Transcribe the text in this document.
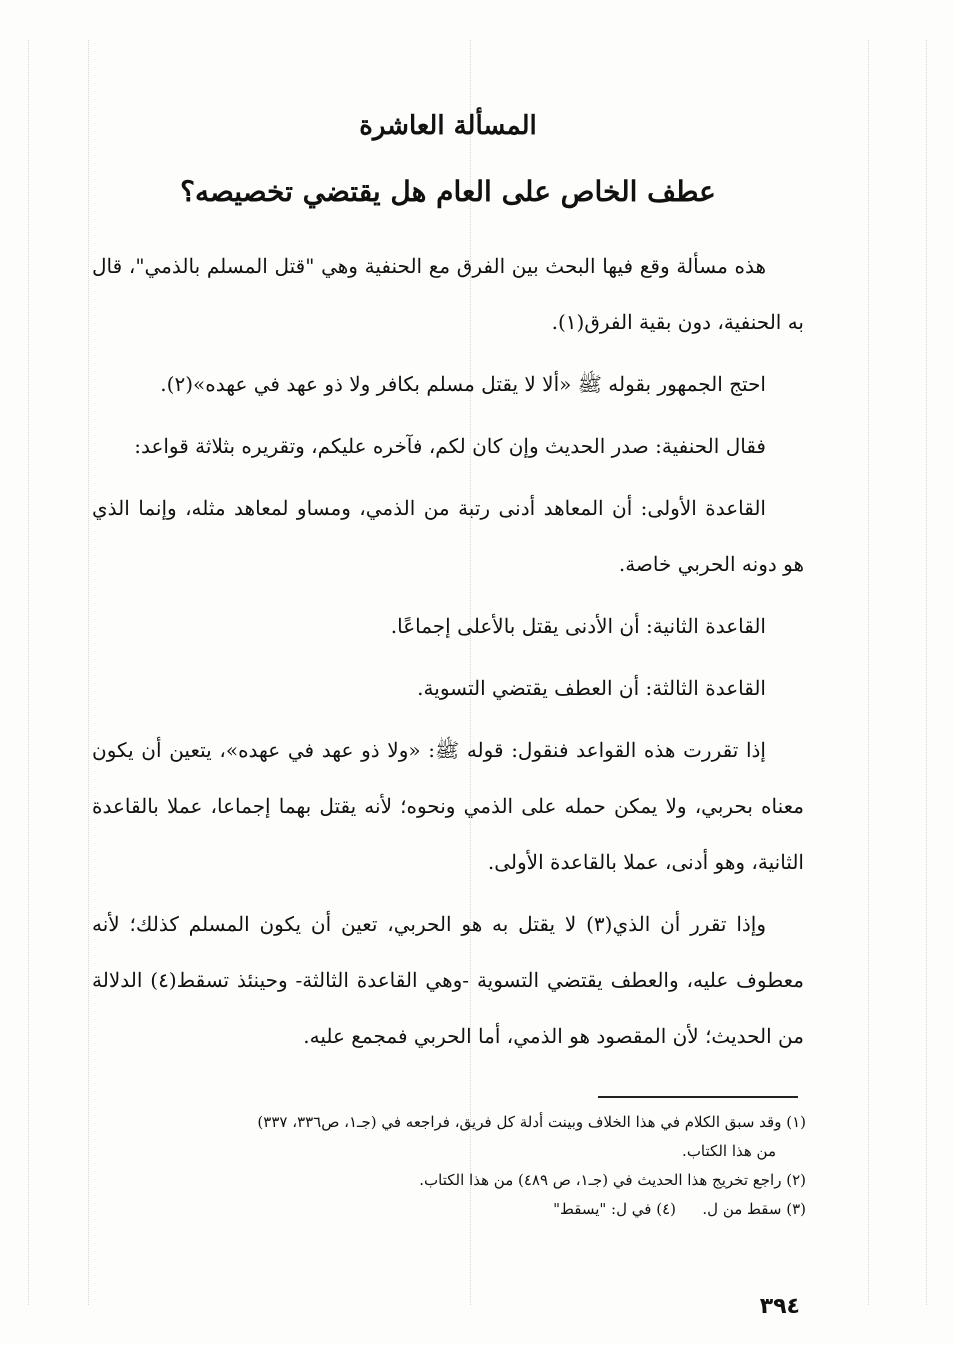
المسألة العاشرة
عطف الخاص على العام هل يقتضي تخصيصه؟

هذه مسألة وقع فيها البحث بين الفرق مع الحنفية وهي "قتل المسلم بالذمي"، قال به الحنفية، دون بقية الفرق(١).

احتج الجمهور بقوله ﷺ «ألا لا يقتل مسلم بكافر ولا ذو عهد في عهده»(٢).

فقال الحنفية: صدر الحديث وإن كان لكم، فآخره عليكم، وتقريره بثلاثة قواعد:

القاعدة الأولى: أن المعاهد أدنى رتبة من الذمي، ومساو لمعاهد مثله، وإنما الذي هو دونه الحربي خاصة.

القاعدة الثانية: أن الأدنى يقتل بالأعلى إجماعًا.

القاعدة الثالثة: أن العطف يقتضي التسوية.

إذا تقررت هذه القواعد فنقول: قوله ﷺ: «ولا ذو عهد في عهده»، يتعين أن يكون معناه بحربي، ولا يمكن حمله على الذمي ونحوه؛ لأنه يقتل بهما إجماعا، عملا بالقاعدة الثانية، وهو أدنى، عملا بالقاعدة الأولى.

وإذا تقرر أن الذي(٣) لا يقتل به هو الحربي، تعين أن يكون المسلم كذلك؛ لأنه معطوف عليه، والعطف يقتضي التسوية -وهي القاعدة الثالثة- وحينئذ تسقط(٤) الدلالة من الحديث؛ لأن المقصود هو الذمي، أما الحربي فمجمع عليه.

(١) وقد سبق الكلام في هذا الخلاف وبينت أدلة كل فريق، فراجعه في (جـ١، ص٣٣٦، ٣٣٧)
من هذا الكتاب.

(٢) راجع تخريج هذا الحديث في (جـ١، ص ٤٨٩) من هذا الكتاب.

(٣) سقط من ل.
(٤) في ل: "يسقط"
٣٩٤
